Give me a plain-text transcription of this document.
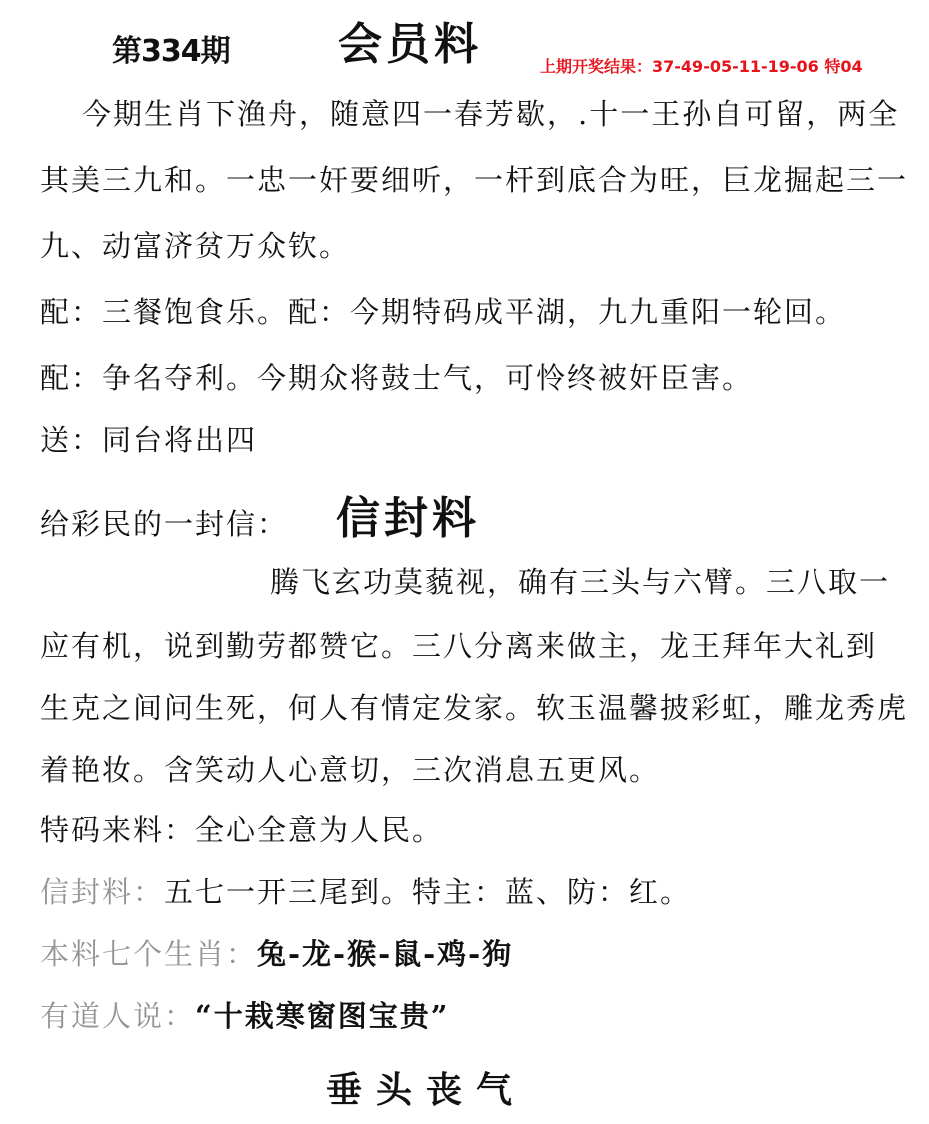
第334期 会员料	上期开奖结果：37-49-05-11-19-06 特04
今期生肖下渔舟，随意四一春芳歇，.十一王孙自可留，两全
其美三九和。一忠一奸要细听，一杆到底合为旺，巨龙掘起三一
九、动富济贫万众钦。
配：三餐饱食乐。配：今期特码成平湖，九九重阳一轮回。
配：争名夺利。今期众将鼓士气，可怜终被奸臣害。
送：同台将出四
给彩民的一封信： 信封料
腾飞玄功莫藐视，确有三头与六臂。三八取一
应有机，说到勤劳都赞它。三八分离来做主，龙王拜年大礼到
生克之间问生死，何人有情定发家。软玉温馨披彩虹，雕龙秀虎
着艳妆。含笑动人心意切，三次消息五更风。
特码来料：全心全意为人民。
信封料：五七一开三尾到。特主：蓝、防：红。
本料七个生肖：兔-龙-猴-鼠-鸡-狗
有道人说：“十栽寒窗图宝贵”
垂头丧气
